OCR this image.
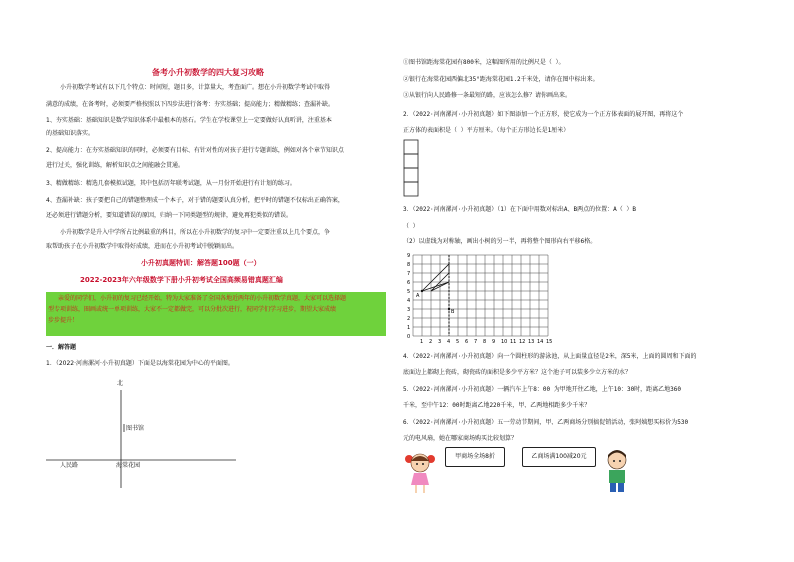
备考小升初数学的四大复习攻略
小升初数学考试有以下几个特点：时间短，题目多，计算量大，考查面广。想在小升初数学考试中取得
满意的成绩，在备考时，必须要严格按照以下四步法进行备考：夯实基础；提高能力；精做精练；查漏补缺。
1、夯实基础：基础知识是数学知识体系中最根本的基石。学生在学校课堂上一定要做好认真听讲，注重基本
的基础知识落实。
2、提高能力：在夯实基础知识的同时，必须要有目标、有针对性的对孩子进行专题训练，例如对各个章节知识点
进行过关，强化训练，解析知识点之间能融会贯通。
3、精做精练：精选几套模拟试题，其中包括历年联考试题，从一月份开始进行有计划的练习。
4、查漏补缺：孩子要把自己的错题整理成一个本子，对于错的题要认真分析，把平时的错题不仅标出正确答案，
还必须进行错题分析，要知道错误的原因，归纳一下同类题型的规律，避免再犯类似的错误。
小升初数学是升入中学所占比例最重的科目，所以在小升初数学的复习中一定要注重以上几个要点，争
取帮助孩子在小升初数学中取得好成绩，进而在小升初考试中脱颖而出。
小升初真题特训：解答题100题（一）
2022-2023年六年级数学下册小升初考试全国高频易错真题汇编
亲爱的同学们，小升初的复习已经开始，特为大家准备了全国各地近两年的小升初数学真题，大家可以选择题
型专项训练，圈画或统一单项训练，大家不一定都做完，可以分批次进行，祝同学们学习进步，期望大家成绩
步步提升！
一．解答题
1．（2022·河南漯河·小升初真题）下面是以海棠花园为中心的平面图。
北
图书馆
人民路	海棠花园
①图书馆距海棠花园有800米，这幅图所用的比例尺是（ ）。
②银行在海棠花园西偏北35°距海棠花园1.2千米处，请你在图中标出来。
③从银行向人民路修一条最短的路，应该怎么修？请你画出来。
2．（2022·河南漯河·小升初真题）如下图添加一个正方形，使它成为一个正方体表面的展开图，再将这个
正方体的表面积是（ ）平方厘米。（每个正方形边长是1厘米）
3．（2022·河南漯河·小升初真题）（1）在下面中用数对标出A、B两点的位置：A（ ）B
（ ）
（2）以虚线为对称轴，画出小树的另一半，再将整个图形向右平移6格。
9
8
7
6
5
4
3
2
1
0
1 2 3 4 5 6 7 8 9 10 11 12 13 14 15
A
B
4．（2022·河南漯河·小升初真题）向一个圆柱形的游泳池，从上面量直径是2米，深5米，上面的圆周和下面的
底面边上都砌上瓷砖，砌瓷砖的面积是多少平方米？这个池子可以装多少立方米的水？
5．（2022·河南漯河·小升初真题）一辆汽车上午8：00 为甲地开往乙地，上午10：30时，距离乙地360
千米，至中午12：00时距离乙地220千米，甲、乙两地相距多少千米？
6．（2022·河南漯河·小升初真题）五一劳动节期间，甲、乙两商场分别搞促销活动，张阿姨想买标价为530
元的电风扇，她在哪家商场购买比较划算？
甲商场全场8折	乙商场满100减20元
